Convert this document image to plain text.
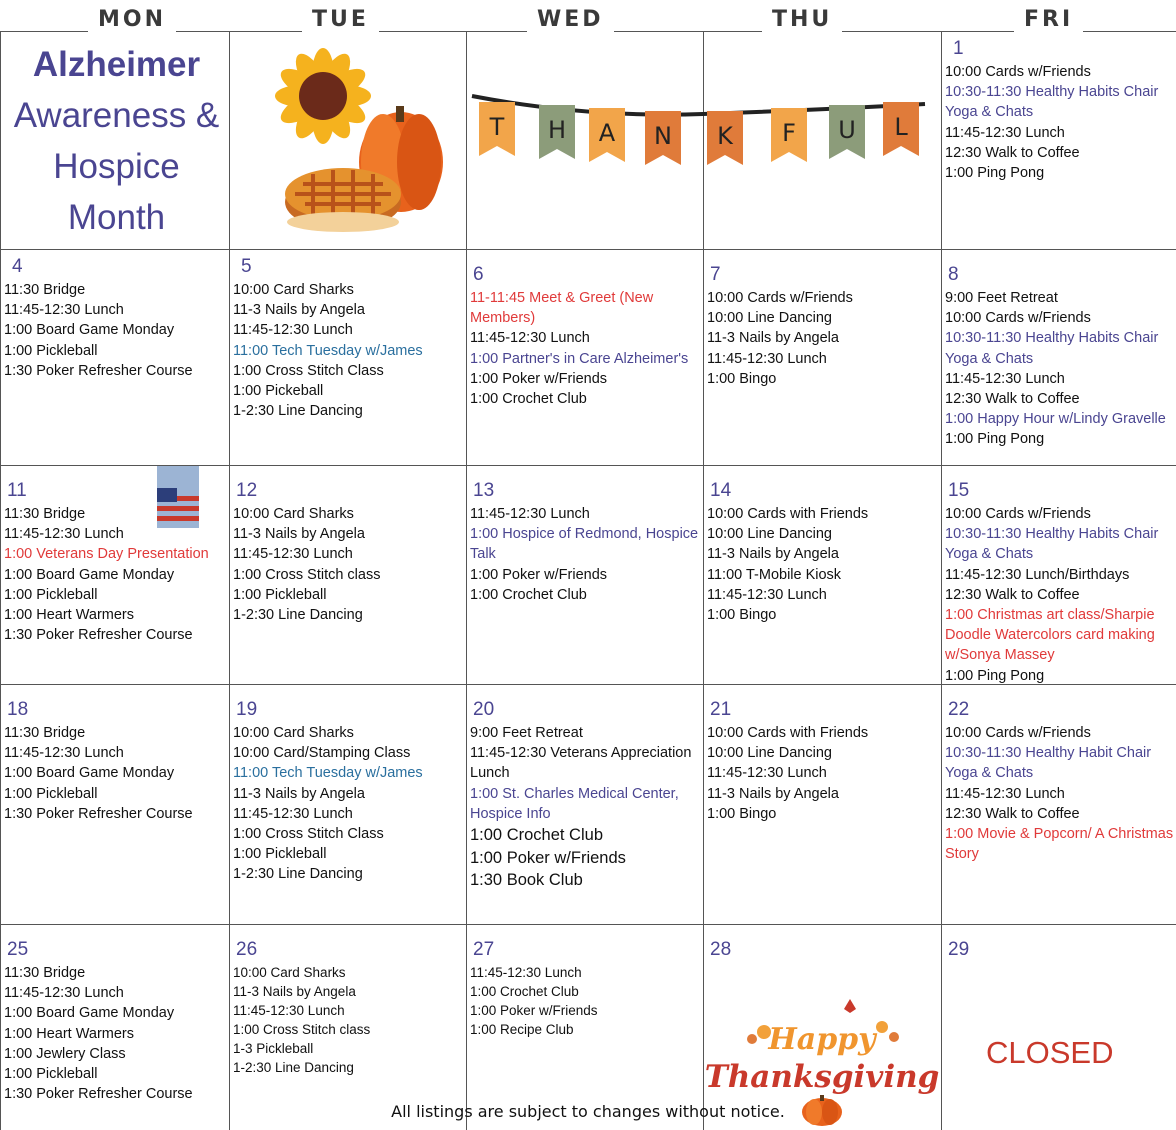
MON	TUE	WED	THU	FRI
Alzheimer
Awareness &
Hospice
Month
T H A N K F U L
1
10:00 Cards w/Friends
10:30-11:30 Healthy Habits Chair Yoga & Chats
11:45-12:30 Lunch
12:30 Walk to Coffee
1:00 Ping Pong
4
11:30 Bridge
11:45-12:30 Lunch
1:00 Board Game Monday
1:00 Pickleball
1:30 Poker Refresher Course
5
10:00 Card Sharks
11-3 Nails by Angela
11:45-12:30 Lunch
11:00 Tech Tuesday w/James
1:00 Cross Stitch Class
1:00 Pickeball
1-2:30 Line Dancing
6
11-11:45 Meet & Greet (New Members)
11:45-12:30 Lunch
1:00 Partner's in Care Alzheimer's
1:00 Poker w/Friends
1:00 Crochet Club
7
10:00 Cards w/Friends
10:00 Line Dancing
11-3 Nails by Angela
11:45-12:30 Lunch
1:00 Bingo
8
9:00 Feet Retreat
10:00 Cards w/Friends
10:30-11:30 Healthy Habits Chair Yoga & Chats
11:45-12:30 Lunch
12:30 Walk to Coffee
1:00 Happy Hour w/Lindy Gravelle
1:00 Ping Pong
11
11:30 Bridge
11:45-12:30 Lunch
1:00 Veterans Day Presentation
1:00 Board Game Monday
1:00 Pickleball
1:00 Heart Warmers
1:30 Poker Refresher Course
12
10:00 Card Sharks
11-3 Nails by Angela
11:45-12:30 Lunch
1:00 Cross Stitch class
1:00 Pickleball
1-2:30 Line Dancing
13
11:45-12:30 Lunch
1:00 Hospice of Redmond, Hospice Talk
1:00 Poker w/Friends
1:00 Crochet Club
14
10:00 Cards with Friends
10:00 Line Dancing
11-3 Nails by Angela
11:00 T-Mobile Kiosk
11:45-12:30 Lunch
1:00 Bingo
15
10:00 Cards w/Friends
10:30-11:30 Healthy Habits Chair Yoga & Chats
11:45-12:30 Lunch/Birthdays
12:30 Walk to Coffee
1:00 Christmas art class/Sharpie Doodle Watercolors card making w/Sonya Massey
1:00 Ping Pong
18
11:30 Bridge
11:45-12:30 Lunch
1:00 Board Game Monday
1:00 Pickleball
1:30 Poker Refresher Course
19
10:00 Card Sharks
10:00 Card/Stamping Class
11:00 Tech Tuesday w/James
11-3 Nails by Angela
11:45-12:30 Lunch
1:00 Cross Stitch Class
1:00 Pickleball
1-2:30 Line Dancing
20
9:00 Feet Retreat
11:45-12:30 Veterans Appreciation Lunch
1:00 St. Charles Medical Center, Hospice Info
1:00 Crochet Club
1:00 Poker w/Friends
1:30 Book Club
21
10:00 Cards with Friends
10:00 Line Dancing
11:45-12:30 Lunch
11-3 Nails by Angela
1:00 Bingo
22
10:00 Cards w/Friends
10:30-11:30 Healthy Habit Chair Yoga & Chats
11:45-12:30 Lunch
12:30 Walk to Coffee
1:00 Movie & Popcorn/ A Christmas Story
25
11:30 Bridge
11:45-12:30 Lunch
1:00 Board Game Monday
1:00 Heart Warmers
1:00 Jewlery Class
1:00 Pickleball
1:30 Poker Refresher Course
26
10:00 Card Sharks
11-3 Nails by Angela
11:45-12:30 Lunch
1:00 Cross Stitch class
1-3 Pickleball
1-2:30 Line Dancing
27
11:45-12:30 Lunch
1:00 Crochet Club
1:00 Poker w/Friends
1:00 Recipe Club
28
Happy
Thanksgiving
29
CLOSED
All listings are subject to changes without notice.
